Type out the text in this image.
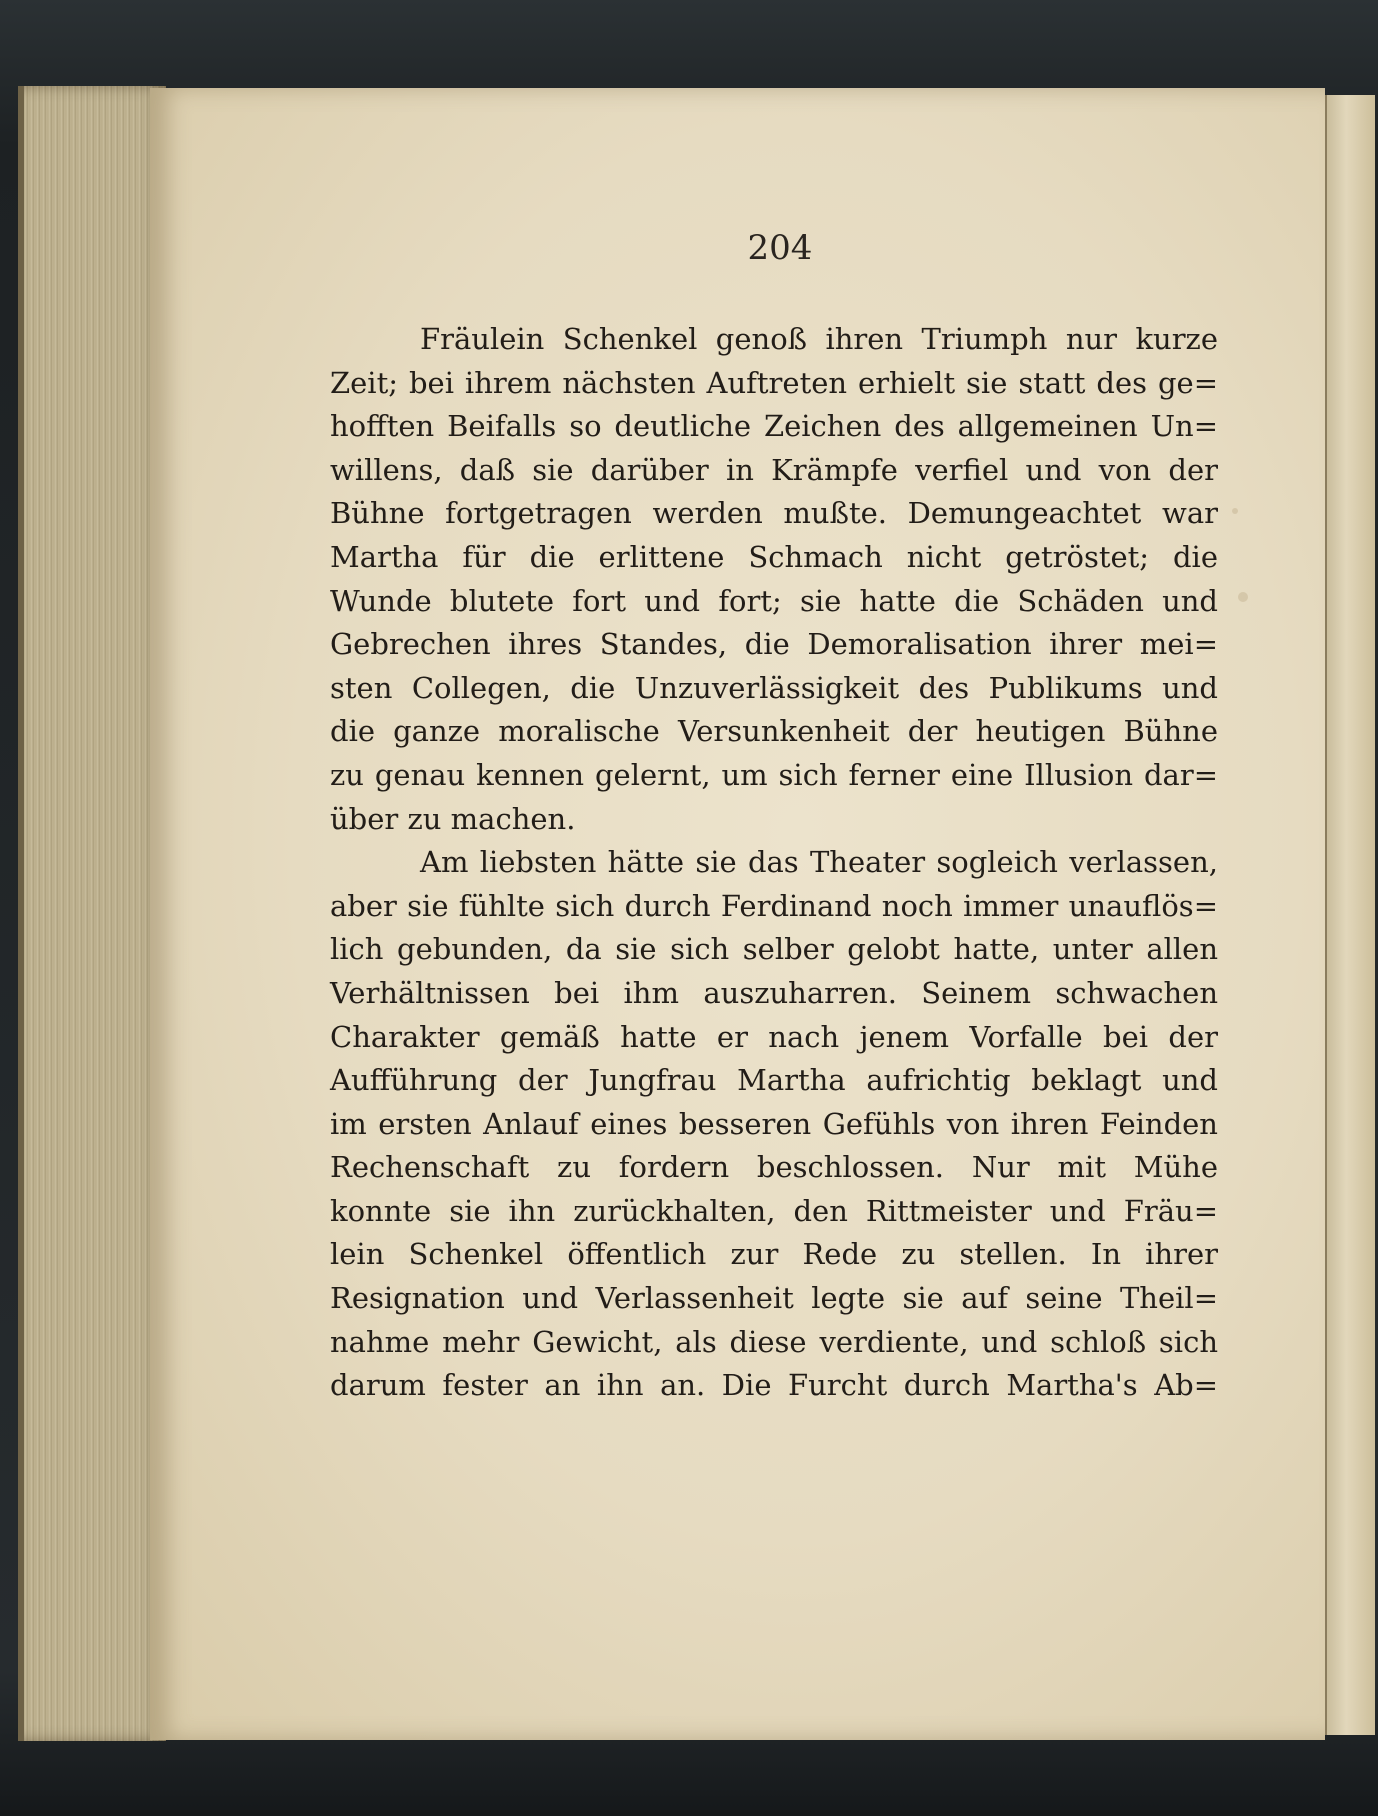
204

Fräulein Schenkel genoß ihren Triumph nur kurze
Zeit; bei ihrem nächsten Auftreten erhielt sie statt des ge=
hofften Beifalls so deutliche Zeichen des allgemeinen Un=
willens, daß sie darüber in Krämpfe verfiel und von der
Bühne fortgetragen werden mußte. Demungeachtet war
Martha für die erlittene Schmach nicht getröstet; die
Wunde blutete fort und fort; sie hatte die Schäden und
Gebrechen ihres Standes, die Demoralisation ihrer mei=
sten Collegen, die Unzuverlässigkeit des Publikums und
die ganze moralische Versunkenheit der heutigen Bühne
zu genau kennen gelernt, um sich ferner eine Illusion dar=
über zu machen.
Am liebsten hätte sie das Theater sogleich verlassen,
aber sie fühlte sich durch Ferdinand noch immer unauflös=
lich gebunden, da sie sich selber gelobt hatte, unter allen
Verhältnissen bei ihm auszuharren. Seinem schwachen
Charakter gemäß hatte er nach jenem Vorfalle bei der
Aufführung der Jungfrau Martha aufrichtig beklagt und
im ersten Anlauf eines besseren Gefühls von ihren Feinden
Rechenschaft zu fordern beschlossen. Nur mit Mühe
konnte sie ihn zurückhalten, den Rittmeister und Fräu=
lein Schenkel öffentlich zur Rede zu stellen. In ihrer
Resignation und Verlassenheit legte sie auf seine Theil=
nahme mehr Gewicht, als diese verdiente, und schloß sich
darum fester an ihn an. Die Furcht durch Martha's Ab=
